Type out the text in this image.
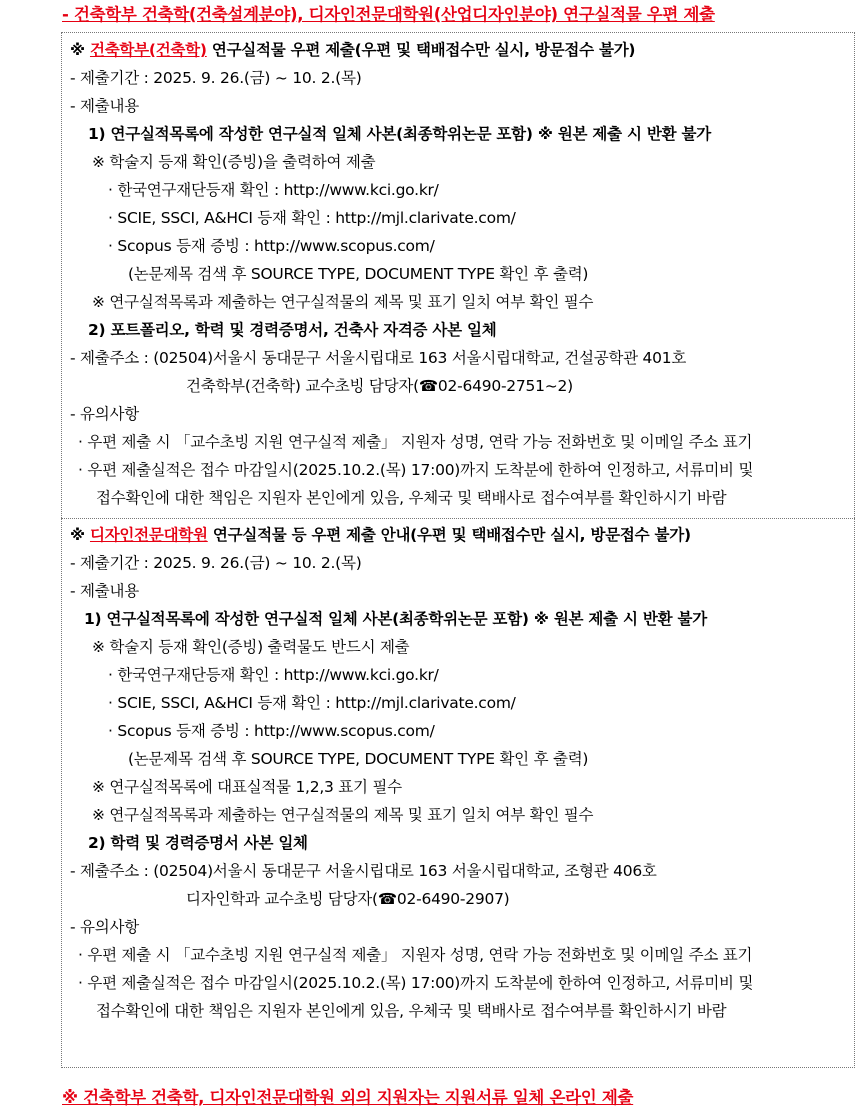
- 건축학부 건축학(건축설계분야), 디자인전문대학원(산업디자인분야) 연구실적물 우편 제출
※ 건축학부(건축학) 연구실적물 우편 제출(우편 및 택배접수만 실시, 방문접수 불가)
- 제출기간 : 2025. 9. 26.(금) ~ 10. 2.(목)
- 제출내용
1) 연구실적목록에 작성한 연구실적 일체 사본(최종학위논문 포함) ※ 원본 제출 시 반환 불가
※ 학술지 등재 확인(증빙)을 출력하여 제출
· 한국연구재단등재 확인 : http://www.kci.go.kr/
· SCIE, SSCI, A&HCI 등재 확인 : http://mjl.clarivate.com/
· Scopus 등재 증빙 : http://www.scopus.com/
(논문제목 검색 후 SOURCE TYPE, DOCUMENT TYPE 확인 후 출력)
※ 연구실적목록과 제출하는 연구실적물의 제목 및 표기 일치 여부 확인 필수
2) 포트폴리오, 학력 및 경력증명서, 건축사 자격증 사본 일체
- 제출주소 : (02504)서울시 동대문구 서울시립대로 163 서울시립대학교, 건설공학관 401호
건축학부(건축학) 교수초빙 담당자(☎02-6490-2751~2)
- 유의사항
· 우편 제출 시 「교수초빙 지원 연구실적 제출」 지원자 성명, 연락 가능 전화번호 및 이메일 주소 표기
· 우편 제출실적은 접수 마감일시(2025.10.2.(목) 17:00)까지 도착분에 한하여 인정하고, 서류미비 및
접수확인에 대한 책임은 지원자 본인에게 있음, 우체국 및 택배사로 접수여부를 확인하시기 바람
※ 디자인전문대학원 연구실적물 등 우편 제출 안내(우편 및 택배접수만 실시, 방문접수 불가)
- 제출기간 : 2025. 9. 26.(금) ~ 10. 2.(목)
- 제출내용
1) 연구실적목록에 작성한 연구실적 일체 사본(최종학위논문 포함) ※ 원본 제출 시 반환 불가
※ 학술지 등재 확인(증빙) 출력물도 반드시 제출
· 한국연구재단등재 확인 : http://www.kci.go.kr/
· SCIE, SSCI, A&HCI 등재 확인 : http://mjl.clarivate.com/
· Scopus 등재 증빙 : http://www.scopus.com/
(논문제목 검색 후 SOURCE TYPE, DOCUMENT TYPE 확인 후 출력)
※ 연구실적목록에 대표실적물 1,2,3 표기 필수
※ 연구실적목록과 제출하는 연구실적물의 제목 및 표기 일치 여부 확인 필수
2) 학력 및 경력증명서 사본 일체
- 제출주소 : (02504)서울시 동대문구 서울시립대로 163 서울시립대학교, 조형관 406호
디자인학과 교수초빙 담당자(☎02-6490-2907)
- 유의사항
· 우편 제출 시 「교수초빙 지원 연구실적 제출」 지원자 성명, 연락 가능 전화번호 및 이메일 주소 표기
· 우편 제출실적은 접수 마감일시(2025.10.2.(목) 17:00)까지 도착분에 한하여 인정하고, 서류미비 및
접수확인에 대한 책임은 지원자 본인에게 있음, 우체국 및 택배사로 접수여부를 확인하시기 바람
※ 건축학부 건축학, 디자인전문대학원 외의 지원자는 지원서류 일체 온라인 제출
